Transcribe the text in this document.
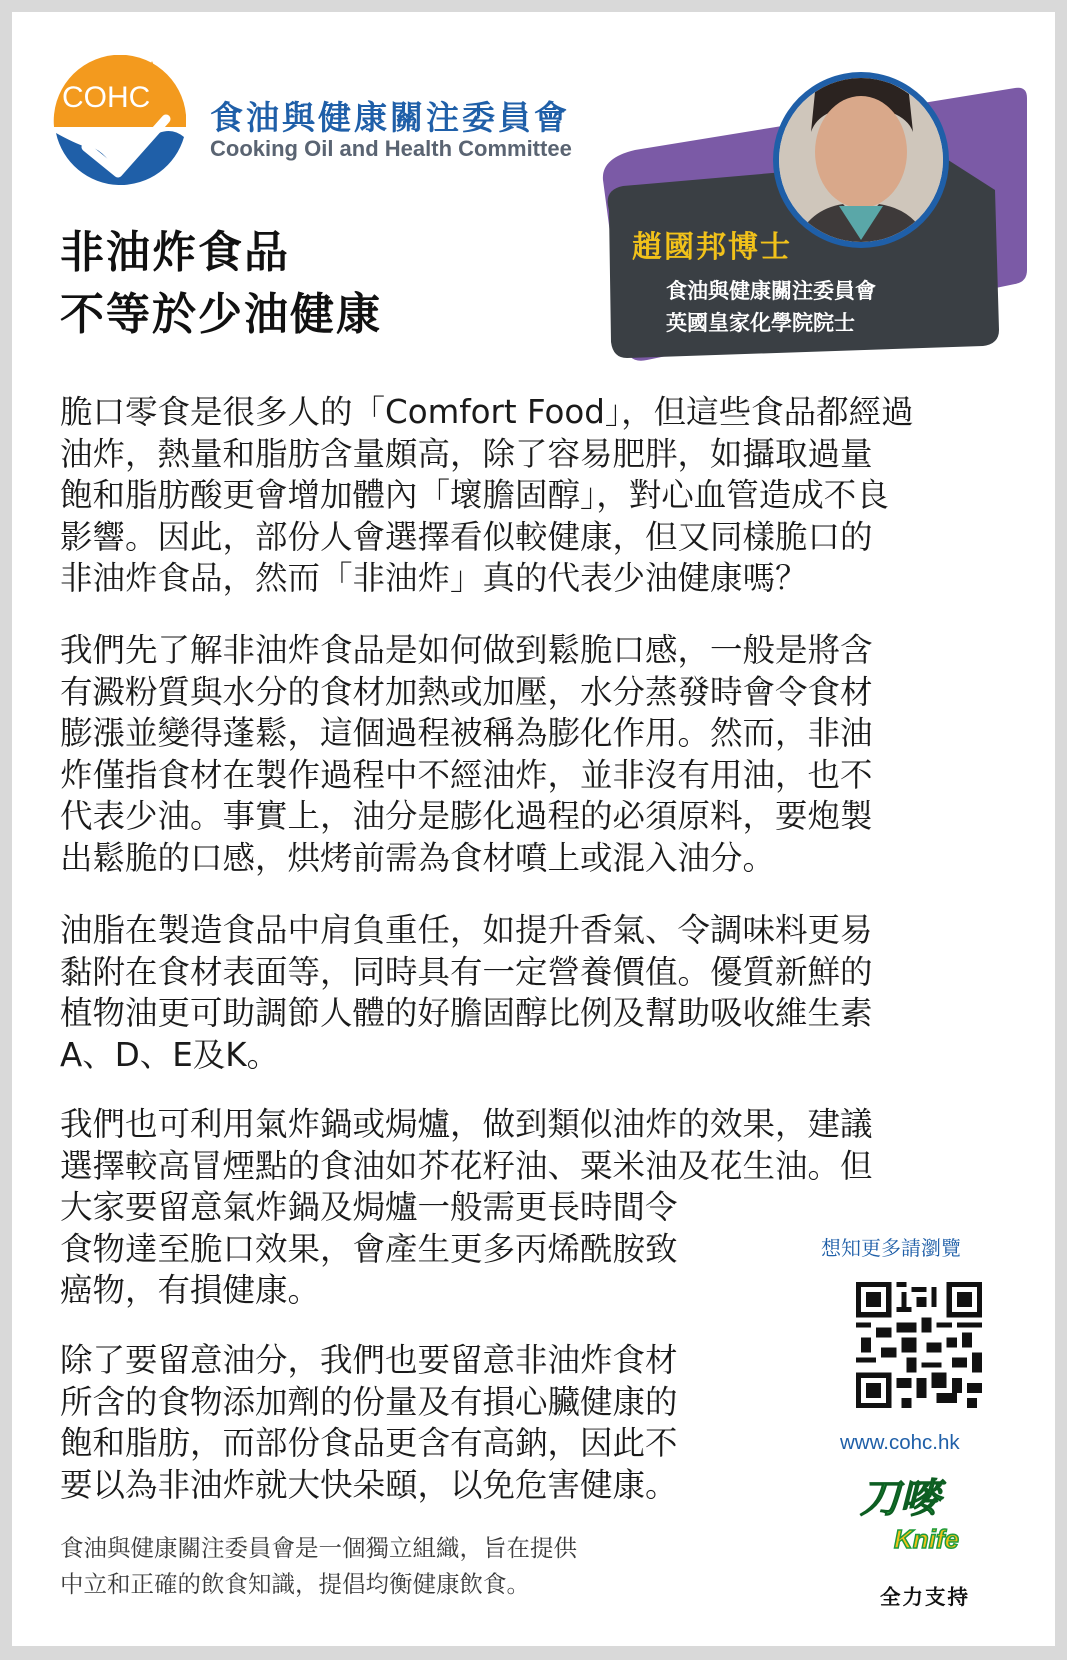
COHC
食油與健康關注委員會
Cooking Oil and Health Committee
非油炸食品
不等於少油健康
趙國邦博士
食油與健康關注委員會
英國皇家化學院院士
脆口零食是很多人的「Comfort Food」，但這些食品都經過
油炸，熱量和脂肪含量頗高，除了容易肥胖，如攝取過量
飽和脂肪酸更會增加體內「壞膽固醇」，對心血管造成不良
影響。因此，部份人會選擇看似較健康，但又同樣脆口的
非油炸食品，然而「非油炸」真的代表少油健康嗎？
我們先了解非油炸食品是如何做到鬆脆口感，一般是將含
有澱粉質與水分的食材加熱或加壓，水分蒸發時會令食材
膨漲並變得蓬鬆，這個過程被稱為膨化作用。然而，非油
炸僅指食材在製作過程中不經油炸，並非沒有用油，也不
代表少油。事實上，油分是膨化過程的必須原料，要炮製
出鬆脆的口感，烘烤前需為食材噴上或混入油分。
油脂在製造食品中肩負重任，如提升香氣、令調味料更易
黏附在食材表面等，同時具有一定營養價值。優質新鮮的
植物油更可助調節人體的好膽固醇比例及幫助吸收維生素
A、D、E及K。
我們也可利用氣炸鍋或焗爐，做到類似油炸的效果，建議
選擇較高冒煙點的食油如芥花籽油、粟米油及花生油。但
大家要留意氣炸鍋及焗爐一般需更長時間令
食物達至脆口效果，會產生更多丙烯酰胺致
癌物，有損健康。
除了要留意油分，我們也要留意非油炸食材
所含的食物添加劑的份量及有損心臟健康的
飽和脂肪，而部份食品更含有高鈉，因此不
要以為非油炸就大快朵頤，以免危害健康。
食油與健康關注委員會是一個獨立組織，旨在提供
中立和正確的飲食知識，提倡均衡健康飲食。
想知更多請瀏覽
www.cohc.hk
刀嘜
Knife
全力支持
